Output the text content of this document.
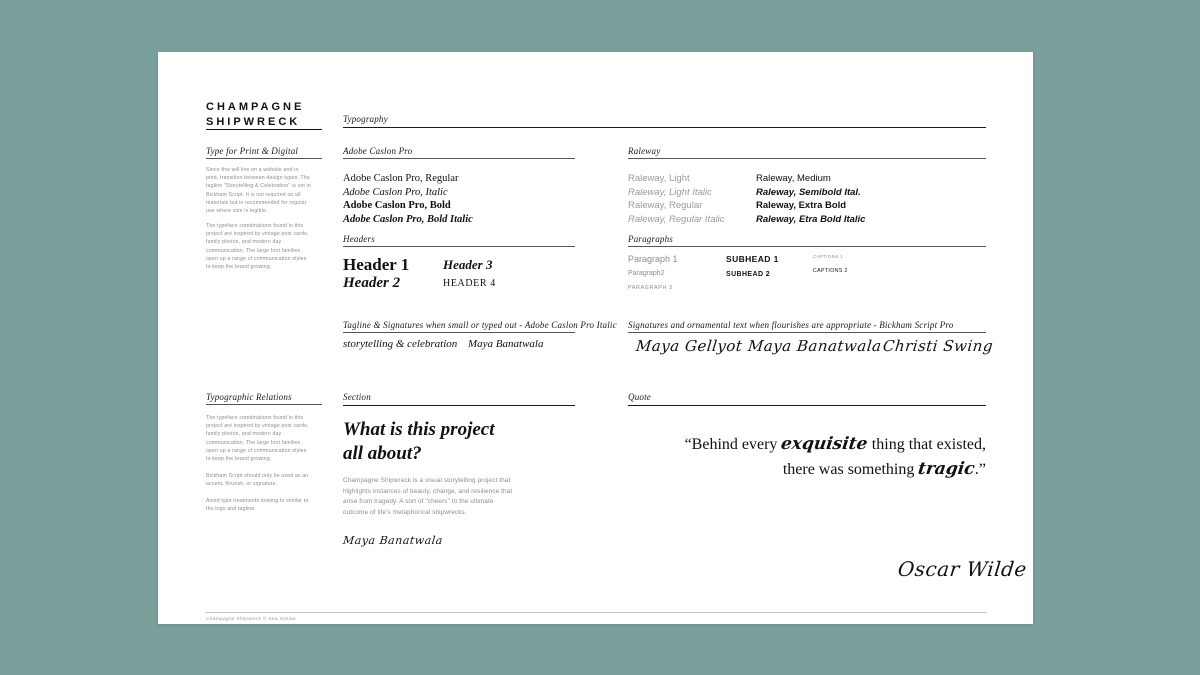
CHAMPAGNE
SHIPWRECK	Typography
Type for Print & Digital
Since this will live on a website and in print, transition between design types. The tagline "Storytelling & Celebration" is set in Bickham Script. It is not required on all materials but is recommended for regular use where size is legible.
The typeface combinations found in this project are inspired by vintage post cards, family photos, and modern day communication. The large font families open up a range of communication styles to keep the brand growing.
Adobe Caslon Pro
Adobe Caslon Pro, Regular
Adobe Caslon Pro, Italic
Adobe Caslon Pro, Bold
Adobe Caslon Pro, Bold Italic
Raleway
Raleway, Light
Raleway, Light Italic
Raleway, Regular
Raleway, Regular Italic
Raleway, Medium
Raleway, Semibold Ital.
Raleway, Extra Bold
Raleway, Etra Bold Italic
Headers
Header 1
Header 2
Header 3
HEADER 4
Paragraphs
Paragraph 1
Paragraph2
PARAGRAPH 3
SUBHEAD 1
SUBHEAD 2
CAPTIONS 1
CAPTIONS 2
Tagline & Signatures when small or typed out - Adobe Caslon Pro Italic
storytelling & celebration Maya Banatwala
Signatures and ornamental text when flourishes are appropriate - Bickham Script Pro
Maya Gellyot Maya Banatwala Christi Swing
Typographic Relations
The typeface combinations found in this project are inspired by vintage post cards, family photos, and modern day communication. The large font families open up a range of communication styles to keep the brand growing.
Bickham Script should only be used as an accent, flourish, or signature.
Avoid type treatments looking to similar to the logo and tagline.
Section
What is this project
all about?
Champagne Shipwreck is a visual storytelling project that highlights instances of beauty, change, and resilience that arise from tragedy. A sort of "cheers" to the ultimate outcome of life's metaphorical shipwrecks.
Maya Banatwala
Quote
“Behind every exquisite thing that existed, there was something tragic.”
Oscar Wilde
Champagne Shipwreck © Sea Similar
